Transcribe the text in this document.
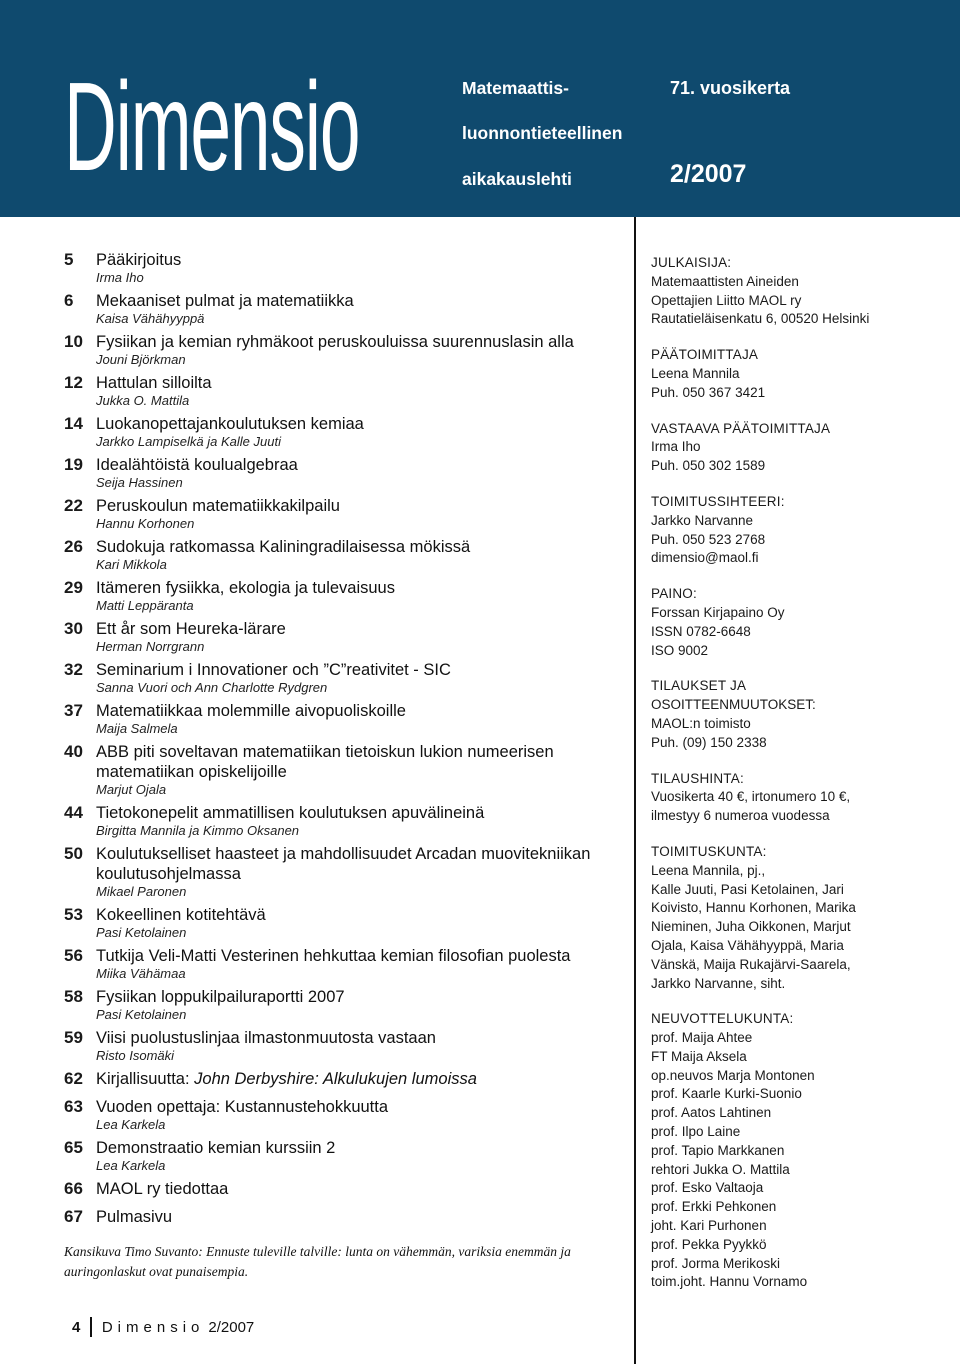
Dimensio	Matemaattis-
luonnontieteellinen
aikakauslehti
71. vuosikerta
2/2007
5 Pääkirjoitus
Irma Iho
6 Mekaaniset pulmat ja matematiikka
Kaisa Vähähyyppä
10 Fysiikan ja kemian ryhmäkoot peruskouluissa suurennuslasin alla
Jouni Björkman
12 Hattulan silloilta
Jukka O. Mattila
14 Luokanopettajankoulutuksen kemiaa
Jarkko Lampiselkä ja Kalle Juuti
19 Idealähtöistä koulualgebraa
Seija Hassinen
22 Peruskoulun matematiikkakilpailu
Hannu Korhonen
26 Sudokuja ratkomassa Kaliningradilaisessa mökissä
Kari Mikkola
29 Itämeren fysiikka, ekologia ja tulevaisuus
Matti Leppäranta
30 Ett år som Heureka-lärare
Herman Norrgrann
32 Seminarium i Innovationer och ”C”reativitet - SIC
Sanna Vuori och Ann Charlotte Rydgren
37 Matematiikkaa molemmille aivopuoliskoille
Maija Salmela
40 ABB piti soveltavan matematiikan tietoiskun lukion numeerisen matematiikan opiskelijoille
Marjut Ojala
44 Tietokonepelit ammatillisen koulutuksen apuvälineinä
Birgitta Mannila ja Kimmo Oksanen
50 Koulutukselliset haasteet ja mahdollisuudet Arcadan muovitekniikan koulutusohjelmassa
Mikael Paronen
53 Kokeellinen kotitehtävä
Pasi Ketolainen
56 Tutkija Veli-Matti Vesterinen hehkuttaa kemian filosofian puolesta
Miika Vähämaa
58 Fysiikan loppukilpailuraportti 2007
Pasi Ketolainen
59 Viisi puolustuslinjaa ilmastonmuutosta vastaan
Risto Isomäki
62 Kirjallisuutta: John Derbyshire: Alkulukujen lumoissa
63 Vuoden opettaja: Kustannustehokkuutta
Lea Karkela
65 Demonstraatio kemian kurssiin 2
Lea Karkela
66 MAOL ry tiedottaa
67 Pulmasivu
Kansikuva Timo Suvanto: Ennuste tuleville talville: lunta on vähemmän, variksia enemmän ja auringonlaskut ovat punaisempia.
4 Dimensio 2/2007
JULKAISIJA:
Matemaattisten Aineiden
Opettajien Liitto MAOL ry
Rautatieläisenkatu 6, 00520 Helsinki
PÄÄTOIMITTAJA
Leena Mannila
Puh. 050 367 3421
VASTAAVA PÄÄTOIMITTAJA
Irma Iho
Puh. 050 302 1589
TOIMITUSSIHTEERI:
Jarkko Narvanne
Puh. 050 523 2768
dimensio@maol.fi
PAINO:
Forssan Kirjapaino Oy
ISSN 0782-6648
ISO 9002
TILAUKSET JA
OSOITTEENMUUTOKSET:
MAOL:n toimisto
Puh. (09) 150 2338
TILAUSHINTA:
Vuosikerta 40 €, irtonumero 10 €,
ilmestyy 6 numeroa vuodessa
TOIMITUSKUNTA:
Leena Mannila, pj.,
Kalle Juuti, Pasi Ketolainen, Jari
Koivisto, Hannu Korhonen, Marika
Nieminen, Juha Oikkonen, Marjut
Ojala, Kaisa Vähähyyppä, Maria
Vänskä, Maija Rukajärvi-Saarela,
Jarkko Narvanne, siht.
NEUVOTTELUKUNTA:
prof. Maija Ahtee
FT Maija Aksela
op.neuvos Marja Montonen
prof. Kaarle Kurki-Suonio
prof. Aatos Lahtinen
prof. Ilpo Laine
prof. Tapio Markkanen
rehtori Jukka O. Mattila
prof. Esko Valtaoja
prof. Erkki Pehkonen
joht. Kari Purhonen
prof. Pekka Pyykkö
prof. Jorma Merikoski
toim.joht. Hannu Vornamo
